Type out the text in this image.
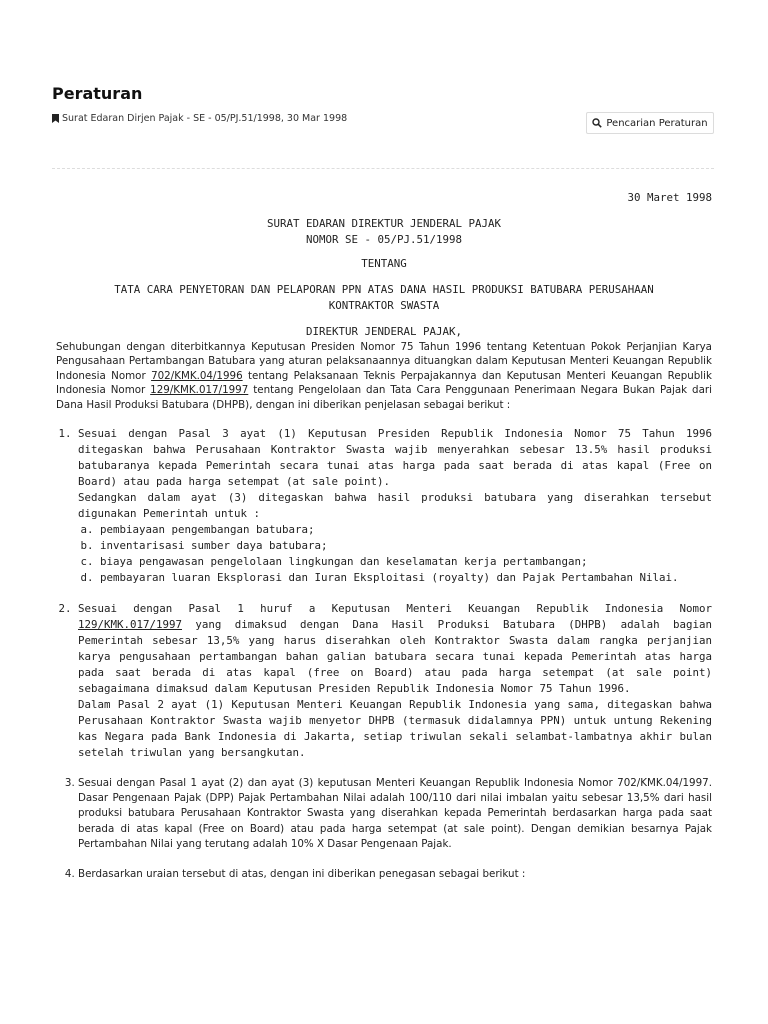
Peraturan
Surat Edaran Dirjen Pajak - SE - 05/PJ.51/1998, 30 Mar 1998	Pencarian Peraturan
30 Maret 1998
SURAT EDARAN DIREKTUR JENDERAL PAJAK
NOMOR SE - 05/PJ.51/1998
TENTANG
TATA CARA PENYETORAN DAN PELAPORAN PPN ATAS DANA HASIL PRODUKSI BATUBARA PERUSAHAAN
KONTRAKTOR SWASTA
DIREKTUR JENDERAL PAJAK,
Sehubungan dengan diterbitkannya Keputusan Presiden Nomor 75 Tahun 1996 tentang Ketentuan Pokok Perjanjian Karya Pengusahaan Pertambangan Batubara yang aturan pelaksanaannya dituangkan dalam Keputusan Menteri Keuangan Republik Indonesia Nomor 702/KMK.04/1996 tentang Pelaksanaan Teknis Perpajakannya dan Keputusan Menteri Keuangan Republik Indonesia Nomor 129/KMK.017/1997 tentang Pengelolaan dan Tata Cara Penggunaan Penerimaan Negara Bukan Pajak dari Dana Hasil Produksi Batubara (DHPB), dengan ini diberikan penjelasan sebagai berikut :
1. Sesuai dengan Pasal 3 ayat (1) Keputusan Presiden Republik Indonesia Nomor 75 Tahun 1996 ditegaskan bahwa Perusahaan Kontraktor Swasta wajib menyerahkan sebesar 13.5% hasil produksi batubaranya kepada Pemerintah secara tunai atas harga pada saat berada di atas kapal (Free on Board) atau pada harga setempat (at sale point).
Sedangkan dalam ayat (3) ditegaskan bahwa hasil produksi batubara yang diserahkan tersebut digunakan Pemerintah untuk :
a. pembiayaan pengembangan batubara;
b. inventarisasi sumber daya batubara;
c. biaya pengawasan pengelolaan lingkungan dan keselamatan kerja pertambangan;
d. pembayaran luaran Eksplorasi dan Iuran Eksploitasi (royalty) dan Pajak Pertambahan Nilai.
2. Sesuai dengan Pasal 1 huruf a Keputusan Menteri Keuangan Republik Indonesia Nomor 129/KMK.017/1997 yang dimaksud dengan Dana Hasil Produksi Batubara (DHPB) adalah bagian Pemerintah sebesar 13,5% yang harus diserahkan oleh Kontraktor Swasta dalam rangka perjanjian karya pengusahaan pertambangan bahan galian batubara secara tunai kepada Pemerintah atas harga pada saat berada di atas kapal (free on Board) atau pada harga setempat (at sale point) sebagaimana dimaksud dalam Keputusan Presiden Republik Indonesia Nomor 75 Tahun 1996.
Dalam Pasal 2 ayat (1) Keputusan Menteri Keuangan Republik Indonesia yang sama, ditegaskan bahwa Perusahaan Kontraktor Swasta wajib menyetor DHPB (termasuk didalamnya PPN) untuk untung Rekening kas Negara pada Bank Indonesia di Jakarta, setiap triwulan sekali selambat-lambatnya akhir bulan setelah triwulan yang bersangkutan.
3. Sesuai dengan Pasal 1 ayat (2) dan ayat (3) keputusan Menteri Keuangan Republik Indonesia Nomor 702/KMK.04/1997. Dasar Pengenaan Pajak (DPP) Pajak Pertambahan Nilai adalah 100/110 dari nilai imbalan yaitu sebesar 13,5% dari hasil produksi batubara Perusahaan Kontraktor Swasta yang diserahkan kepada Pemerintah berdasarkan harga pada saat berada di atas kapal (Free on Board) atau pada harga setempat (at sale point). Dengan demikian besarnya Pajak Pertambahan Nilai yang terutang adalah 10% X Dasar Pengenaan Pajak.
4. Berdasarkan uraian tersebut di atas, dengan ini diberikan penegasan sebagai berikut :
